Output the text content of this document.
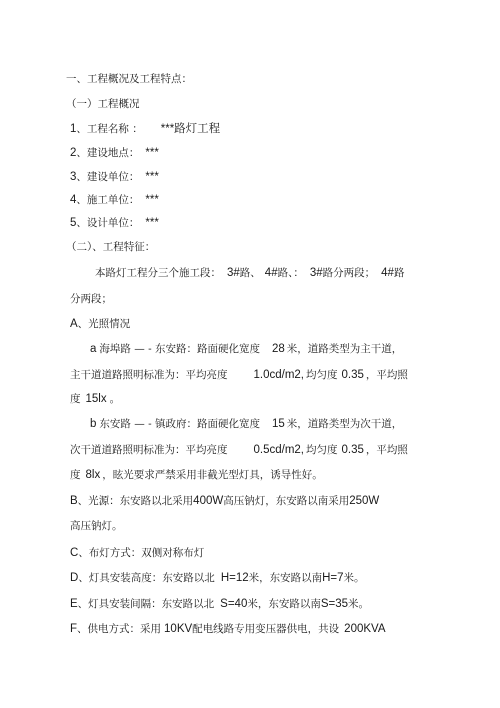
一、工程概况及工程特点：
（一）工程概况
1、工程名称 ： ***路灯工程
2、建设地点： ***
3、建设单位： ***
4、施工单位： ***
5、设计单位： ***
（二）、工程特征：
本路灯工程分三个施工段： 3#路、 4#路、： 3#路分两段； 4#路
分两段；
A、光照情况
a 海埠路 — - 东安路：路面硬化宽度 28 米，道路类型为主干道，
主干道道路照明标准为：平均亮度 1.0cd/m2, 均匀度 0.35 ，平均照
度 15lx 。
b 东安路 — - 镇政府：路面硬化宽度 15 米，道路类型为次干道，
次干道道路照明标准为：平均亮度 0.5cd/m2, 均匀度 0.35 ，平均照
度 8lx ，眩光要求严禁采用非截光型灯具，诱导性好。
B、光源：东安路以北采用400W高压钠灯，东安路以南采用250W
高压钠灯。
C、布灯方式：双侧对称布灯
D、灯具安装高度：东安路以北 H=12米，东安路以南H=7米。
E、灯具安装间隔：东安路以北 S=40米，东安路以南S=35米。
F、供电方式：采用 10KV配电线路专用变压器供电，共设 200KVA
